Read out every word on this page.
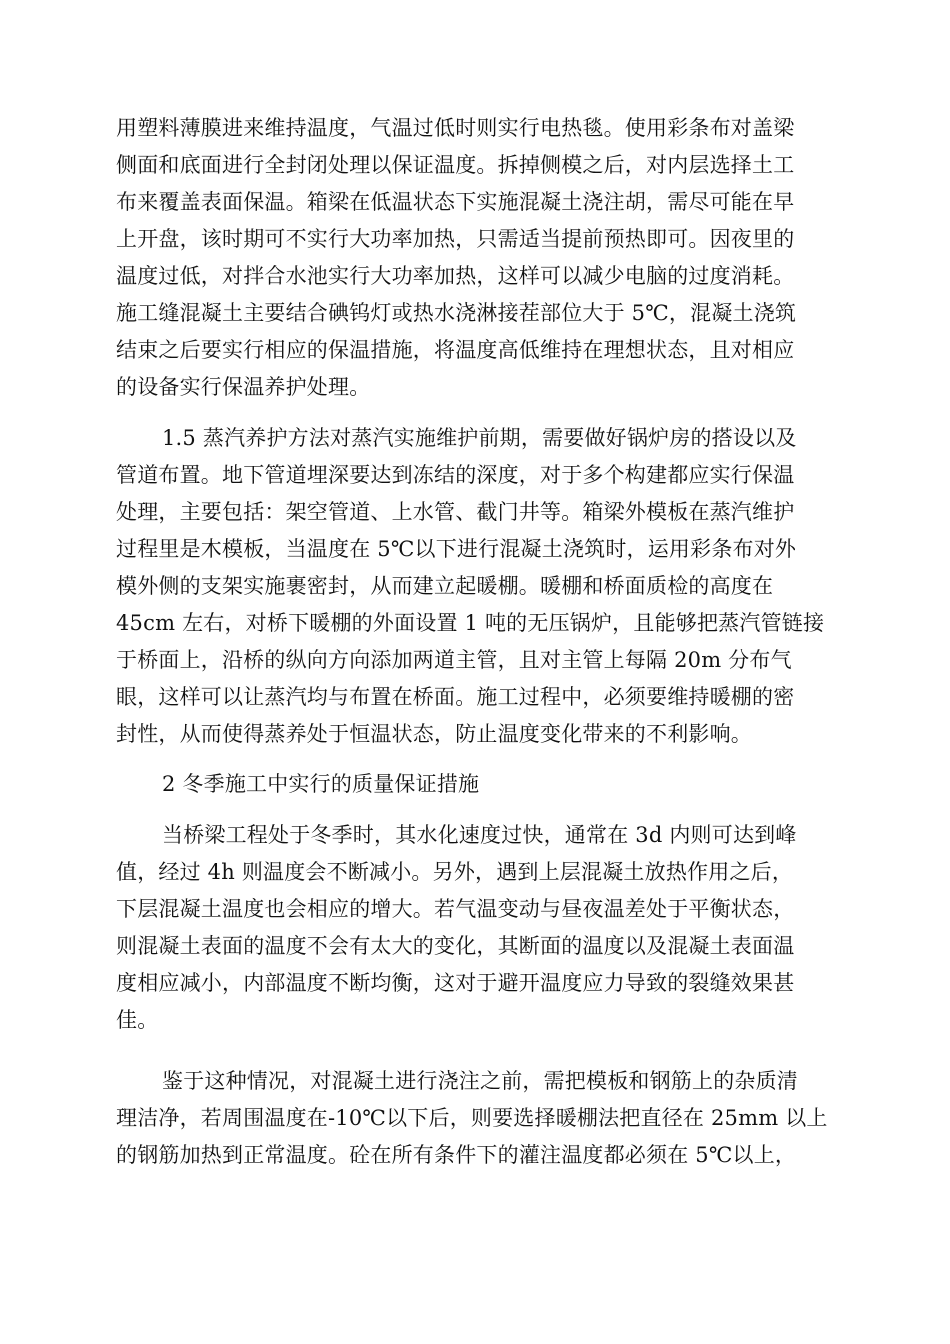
用塑料薄膜进来维持温度，气温过低时则实行电热毯。使用彩条布对盖梁
侧面和底面进行全封闭处理以保证温度。拆掉侧模之后，对内层选择土工
布来覆盖表面保温。箱梁在低温状态下实施混凝土浇注胡，需尽可能在早
上开盘，该时期可不实行大功率加热，只需适当提前预热即可。因夜里的
温度过低，对拌合水池实行大功率加热，这样可以减少电脑的过度消耗。
施工缝混凝土主要结合碘钨灯或热水浇淋接茬部位大于 5℃，混凝土浇筑
结束之后要实行相应的保温措施，将温度高低维持在理想状态，且对相应
的设备实行保温养护处理。
1.5 蒸汽养护方法对蒸汽实施维护前期，需要做好锅炉房的搭设以及
管道布置。地下管道埋深要达到冻结的深度，对于多个构建都应实行保温
处理，主要包括：架空管道、上水管、截门井等。箱梁外模板在蒸汽维护
过程里是木模板，当温度在 5℃以下进行混凝土浇筑时，运用彩条布对外
模外侧的支架实施裹密封，从而建立起暖棚。暖棚和桥面质检的高度在
45cm 左右，对桥下暖棚的外面设置 1 吨的无压锅炉，且能够把蒸汽管链接
于桥面上，沿桥的纵向方向添加两道主管，且对主管上每隔 20m 分布气
眼，这样可以让蒸汽均与布置在桥面。施工过程中，必须要维持暖棚的密
封性，从而使得蒸养处于恒温状态，防止温度变化带来的不利影响。
2 冬季施工中实行的质量保证措施
当桥梁工程处于冬季时，其水化速度过快，通常在 3d 内则可达到峰
值，经过 4h 则温度会不断减小。另外，遇到上层混凝土放热作用之后，
下层混凝土温度也会相应的增大。若气温变动与昼夜温差处于平衡状态，
则混凝土表面的温度不会有太大的变化，其断面的温度以及混凝土表面温
度相应减小，内部温度不断均衡，这对于避开温度应力导致的裂缝效果甚
佳。
鉴于这种情况，对混凝土进行浇注之前，需把模板和钢筋上的杂质清
理洁净，若周围温度在-10℃以下后，则要选择暖棚法把直径在 25mm 以上
的钢筋加热到正常温度。砼在所有条件下的灌注温度都必须在 5℃以上，
